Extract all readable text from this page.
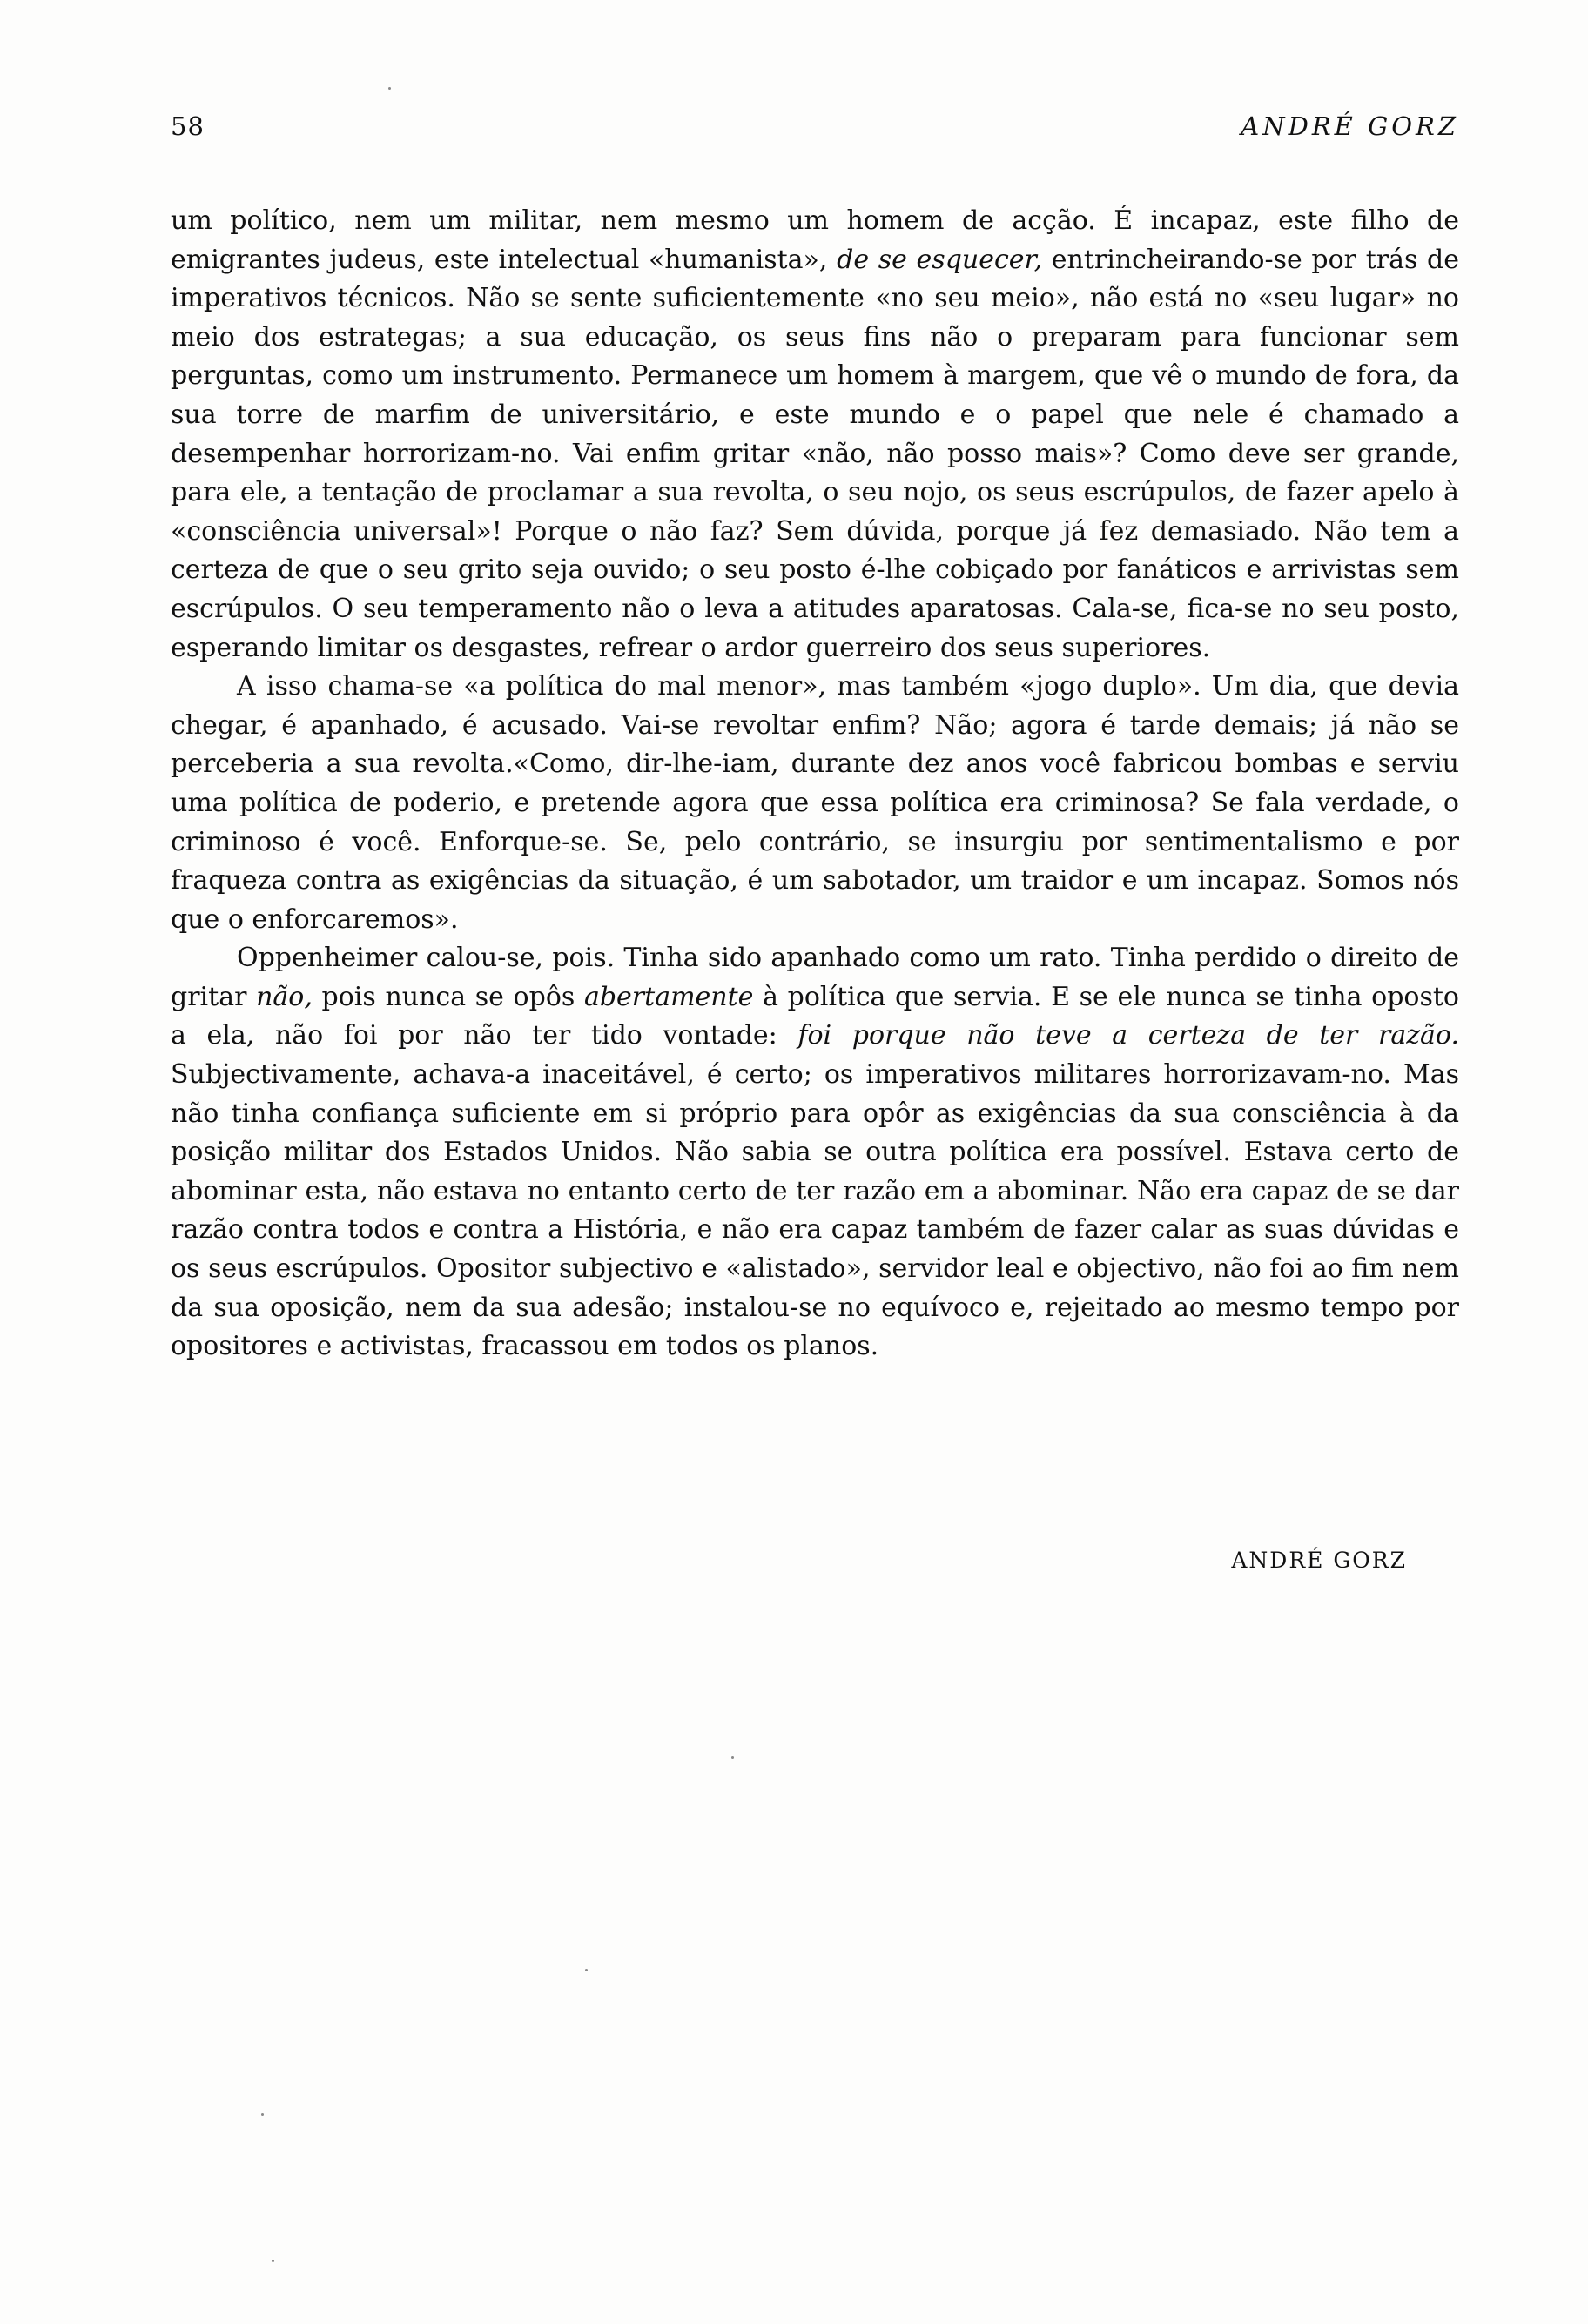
58	ANDRÉ GORZ

um político, nem um militar, nem mesmo um homem de acção. É incapaz, este filho de emigrantes judeus, este intelectual «humanista», de se esquecer, entrincheirando-se por trás de imperativos técnicos. Não se sente suficientemente «no seu meio», não está no «seu lugar» no meio dos estrategas; a sua educação, os seus fins não o preparam para funcionar sem perguntas, como um instrumento. Permanece um homem à margem, que vê o mundo de fora, da sua torre de marfim de universitário, e este mundo e o papel que nele é chamado a desempenhar horrorizam-no. Vai enfim gritar «não, não posso mais»? Como deve ser grande, para ele, a tentação de proclamar a sua revolta, o seu nojo, os seus escrúpulos, de fazer apelo à «consciência universal»! Porque o não faz? Sem dúvida, porque já fez demasiado. Não tem a certeza de que o seu grito seja ouvido; o seu posto é-lhe cobiçado por fanáticos e arrivistas sem escrúpulos. O seu temperamento não o leva a atitudes aparatosas. Cala-se, fica-se no seu posto, esperando limitar os desgastes, refrear o ardor guerreiro dos seus superiores.

A isso chama-se «a política do mal menor», mas também «jogo duplo». Um dia, que devia chegar, é apanhado, é acusado. Vai-se revoltar enfim? Não; agora é tarde demais; já não se perceberia a sua revolta.«Como, dir-lhe-iam, durante dez anos você fabricou bombas e serviu uma política de poderio, e pretende agora que essa política era criminosa? Se fala verdade, o criminoso é você. Enforque-se. Se, pelo contrário, se insurgiu por sentimentalismo e por fraqueza contra as exigências da situação, é um sabotador, um traidor e um incapaz. Somos nós que o enforcaremos».

Oppenheimer calou-se, pois. Tinha sido apanhado como um rato. Tinha perdido o direito de gritar não, pois nunca se opôs abertamente à política que servia. E se ele nunca se tinha oposto a ela, não foi por não ter tido vontade: foi porque não teve a certeza de ter razão. Subjectivamente, achava-a inaceitável, é certo; os imperativos militares horrorizavam-no. Mas não tinha confiança suficiente em si próprio para opôr as exigências da sua consciência à da posição militar dos Estados Unidos. Não sabia se outra política era possível. Estava certo de abominar esta, não estava no entanto certo de ter razão em a abominar. Não era capaz de se dar razão contra todos e contra a História, e não era capaz também de fazer calar as suas dúvidas e os seus escrúpulos. Opositor subjectivo e «alistado», servidor leal e objectivo, não foi ao fim nem da sua oposição, nem da sua adesão; instalou-se no equívoco e, rejeitado ao mesmo tempo por opositores e activistas, fracassou em todos os planos.

ANDRÉ GORZ
